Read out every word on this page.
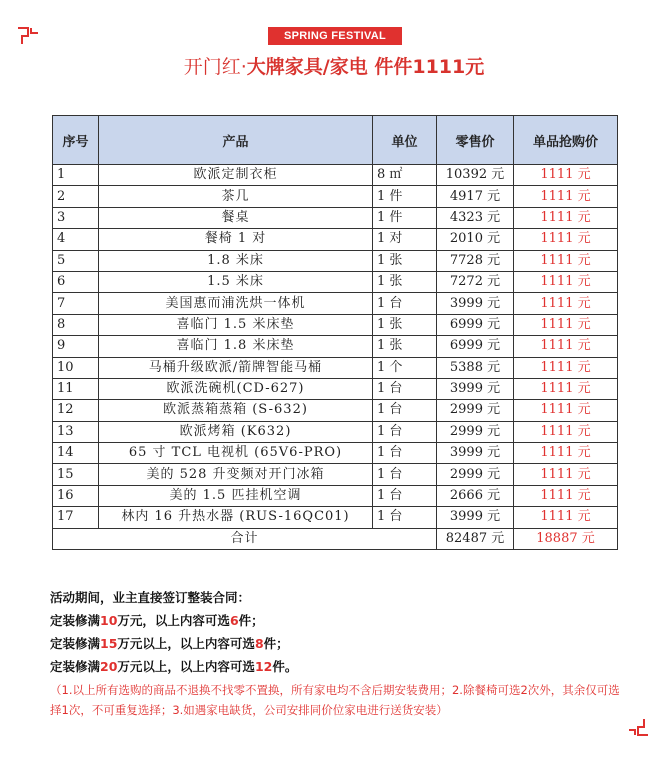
SPRING FESTIVAL
开门红·大牌家具/家电 件件1111元
序号	产品	单位	零售价	单品抢购价
1	欧派定制衣柜	8 ㎡	10392 元	1111 元
2	茶几	1 件	4917 元	1111 元
3	餐桌	1 件	4323 元	1111 元
4	餐椅 1 对	1 对	2010 元	1111 元
5	1.8 米床	1 张	7728 元	1111 元
6	1.5 米床	1 张	7272 元	1111 元
7	美国惠而浦洗烘一体机	1 台	3999 元	1111 元
8	喜临门 1.5 米床垫	1 张	6999 元	1111 元
9	喜临门 1.8 米床垫	1 张	6999 元	1111 元
10	马桶升级欧派/箭牌智能马桶	1 个	5388 元	1111 元
11	欧派洗碗机(CD-627)	1 台	3999 元	1111 元
12	欧派蒸箱蒸箱 (S-632)	1 台	2999 元	1111 元
13	欧派烤箱 (K632)	1 台	2999 元	1111 元
14	65 寸 TCL 电视机 (65V6-PRO)	1 台	3999 元	1111 元
15	美的 528 升变频对开门冰箱	1 台	2999 元	1111 元
16	美的 1.5 匹挂机空调	1 台	2666 元	1111 元
17	林内 16 升热水器 (RUS-16QC01)	1 台	3999 元	1111 元
合计			82487 元	18887 元
活动期间，业主直接签订整装合同：
定装修满10万元，以上内容可选6件；
定装修满15万元以上，以上内容可选8件；
定装修满20万元以上，以上内容可选12件。
（1.以上所有选购的商品不退换不找零不置换，所有家电均不含后期安装费用；2.除餐椅可选2次外，其余仅可选择1次，不可重复选择；3.如遇家电缺货，公司安排同价位家电进行送货安装）
